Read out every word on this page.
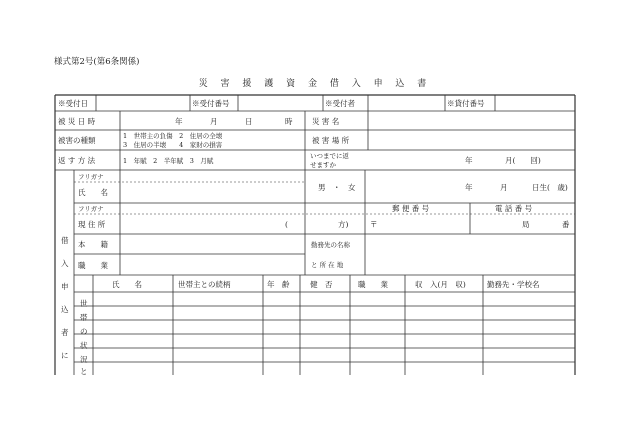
様式第2号(第6条関係)
災 害 援 護 資 金 借 入 申 込 書
※受付日	※受付番号	※受付者	※貸付番号
被 災 日 時	年	月	日	時	災 害 名
被害の種類	1　世帯主の負傷　2　住居の全壊
3　住居の半壊　　4　家財の損害	被 害 場 所
返 す 方 法	1　年賦　2　半年賦　3　月賦
いつまでに返
せますか	年	月(　　回)
借
入
申
込
者
に
フリガナ
氏　　名
男　・　女	年	月	日生(　歳)
フリガナ	郵 便 番 号	電 話 番 号
現 住 所	(	方)	〒	局	番
本　　籍	勤務先の名称
と 所 在 地
職　　業
世
帯
の
状
況
と
氏　　名	世帯主との続柄	年　齢	健　否	職　　業	収　入(月　収)	勤務先・学校名
